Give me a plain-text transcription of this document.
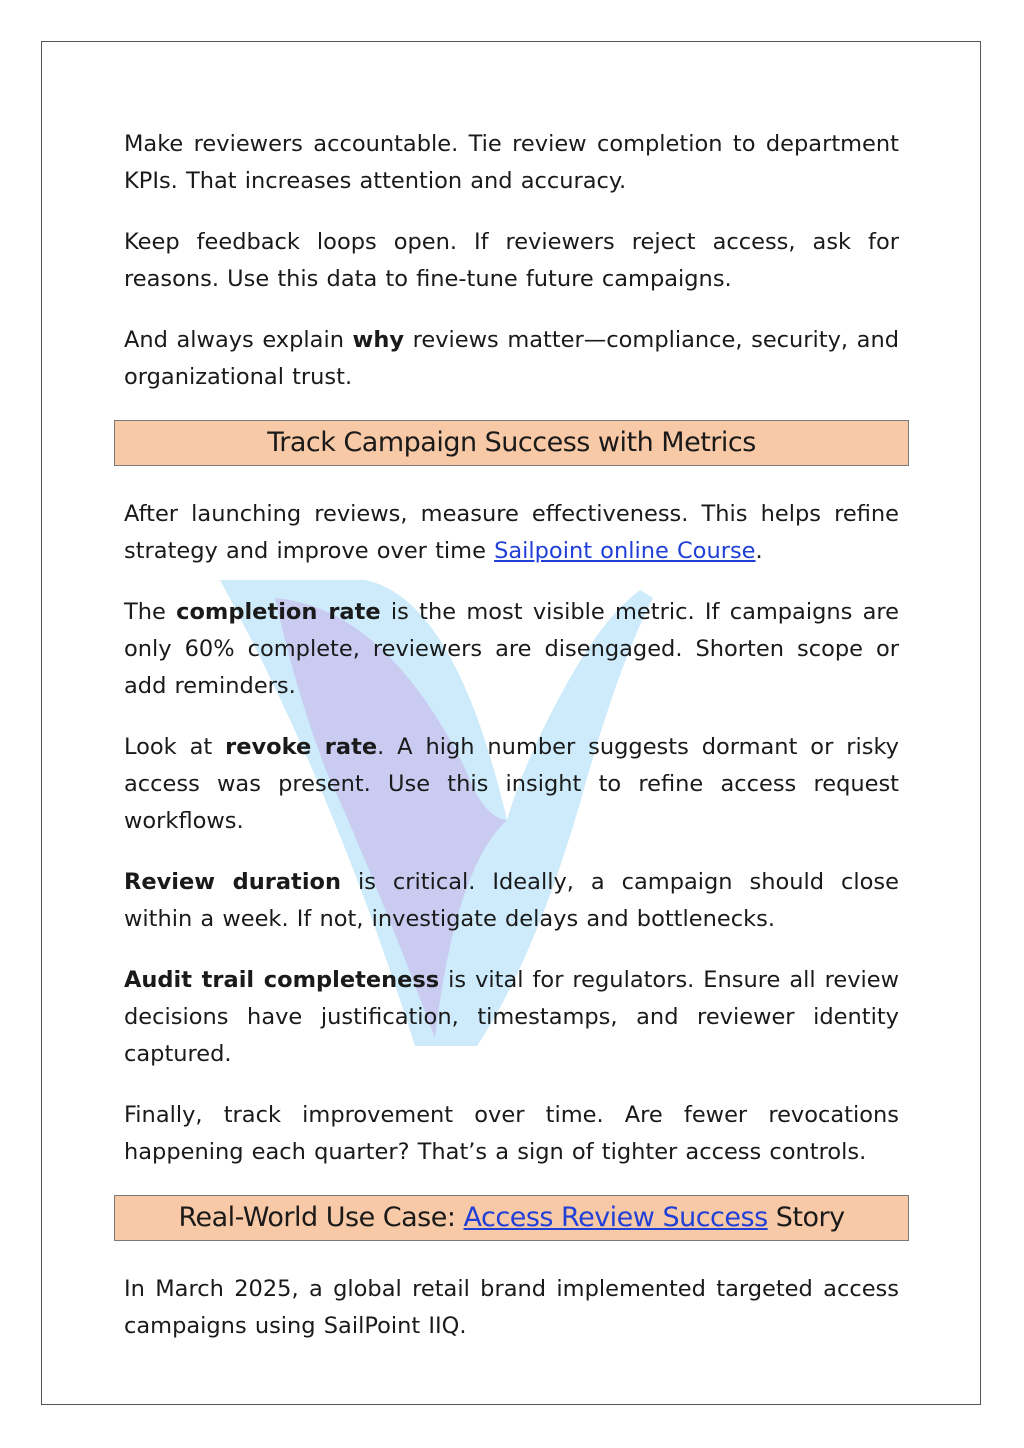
Make reviewers accountable. Tie review completion to department KPIs. That increases attention and accuracy.

Keep feedback loops open. If reviewers reject access, ask for reasons. Use this data to fine-tune future campaigns.

And always explain why reviews matter—compliance, security, and organizational trust.

Track Campaign Success with Metrics

After launching reviews, measure effectiveness. This helps refine strategy and improve over time Sailpoint online Course.

The completion rate is the most visible metric. If campaigns are only 60% complete, reviewers are disengaged. Shorten scope or add reminders.

Look at revoke rate. A high number suggests dormant or risky access was present. Use this insight to refine access request workflows.

Review duration is critical. Ideally, a campaign should close within a week. If not, investigate delays and bottlenecks.

Audit trail completeness is vital for regulators. Ensure all review decisions have justification, timestamps, and reviewer identity captured.

Finally, track improvement over time. Are fewer revocations happening each quarter? That’s a sign of tighter access controls.

Real-World Use Case: Access Review Success Story

In March 2025, a global retail brand implemented targeted access campaigns using SailPoint IIQ.
